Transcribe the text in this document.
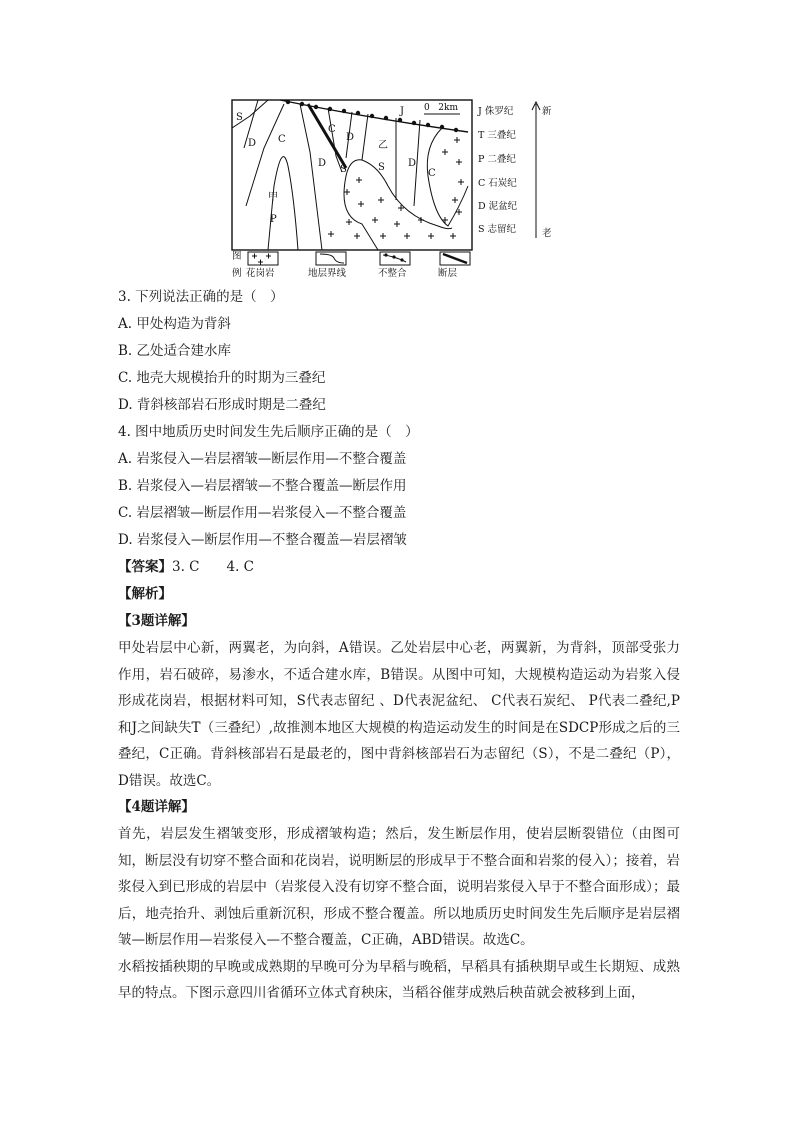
S
D C
甲
P
C
D
D
S
乙
S D
C
J 0   2km J 侏罗纪
T 三叠纪
P 二叠纪
C 石炭纪
D 泥盆纪
S 志留纪
新
老
图
例 花岗岩	地层界线	不整合	断层
3. 下列说法正确的是（　）
A. 甲处构造为背斜
B. 乙处适合建水库
C. 地壳大规模抬升的时期为三叠纪
D. 背斜核部岩石形成时期是二叠纪
4. 图中地质历史时间发生先后顺序正确的是（　）
A. 岩浆侵入—岩层褶皱—断层作用—不整合覆盖
B. 岩浆侵入—岩层褶皱—不整合覆盖—断层作用
C. 岩层褶皱—断层作用—岩浆侵入—不整合覆盖
D. 岩浆侵入—断层作用—不整合覆盖—岩层褶皱
【答案】3. C　　4. C
【解析】
【3题详解】
甲处岩层中心新，两翼老，为向斜，A错误。乙处岩层中心老，两翼新，为背斜，顶部受张力作用，岩石破碎，易渗水，不适合建水库，B错误。从图中可知，大规模构造运动为岩浆入侵形成花岗岩，根据材料可知，S代表志留纪 、D代表泥盆纪、 C代表石炭纪、 P代表二叠纪,P和J之间缺失T（三叠纪）,故推测本地区大规模的构造运动发生的时间是在SDCP形成之后的三叠纪，C正确。背斜核部岩石是最老的，图中背斜核部岩石为志留纪（S），不是二叠纪（P），D错误。故选C。
【4题详解】
首先，岩层发生褶皱变形，形成褶皱构造；然后，发生断层作用，使岩层断裂错位（由图可知，断层没有切穿不整合面和花岗岩，说明断层的形成早于不整合面和岩浆的侵入）；接着，岩浆侵入到已形成的岩层中（岩浆侵入没有切穿不整合面，说明岩浆侵入早于不整合面形成）；最后，地壳抬升、剥蚀后重新沉积，形成不整合覆盖。所以地质历史时间发生先后顺序是岩层褶皱—断层作用—岩浆侵入—不整合覆盖，C正确，ABD错误。故选C。
水稻按插秧期的早晚或成熟期的早晚可分为早稻与晚稻，早稻具有插秧期早或生长期短、成熟早的特点。下图示意四川省循环立体式育秧床，当稻谷催芽成熟后秧苗就会被移到上面，
